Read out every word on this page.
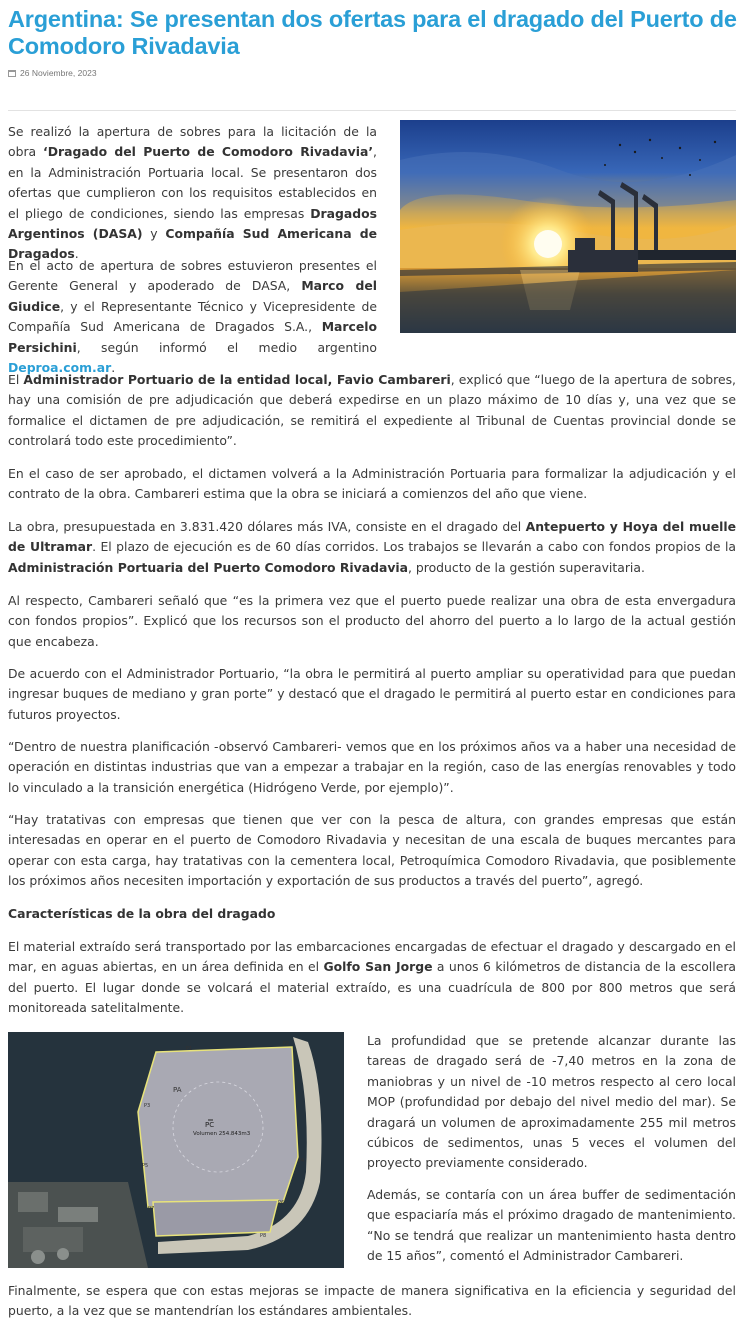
Argentina: Se presentan dos ofertas para el dragado del Puerto de Comodoro Rivadavia
26 Noviembre, 2023
PC
Volumen 254.843m3
PA
P1
P2
P3
P4
P5
P6
P7
P8

Se realizó la apertura de sobres para la licitación de la obra ‘Dragado del Puerto de Comodoro Rivadavia’, en la Administración Portuaria local. Se presentaron dos ofertas que cumplieron con los requisitos establecidos en el pliego de condiciones, siendo las empresas Dragados Argentinos (DASA) y Compañía Sud Americana de Dragados.

En el acto de apertura de sobres estuvieron presentes el Gerente General y apoderado de DASA, Marco del Giudice, y el Representante Técnico y Vicepresidente de Compañía Sud Americana de Dragados S.A., Marcelo Persichini, según informó el medio argentino Deproa.com.ar.

El Administrador Portuario de la entidad local, Favio Cambareri, explicó que “luego de la apertura de sobres, hay una comisión de pre adjudicación que deberá expedirse en un plazo máximo de 10 días y, una vez que se formalice el dictamen de pre adjudicación, se remitirá el expediente al Tribunal de Cuentas provincial donde se controlará todo este procedimiento”.

En el caso de ser aprobado, el dictamen volverá a la Administración Portuaria para formalizar la adjudicación y el contrato de la obra. Cambareri estima que la obra se iniciará a comienzos del año que viene.

La obra, presupuestada en 3.831.420 dólares más IVA, consiste en el dragado del Antepuerto y Hoya del muelle de Ultramar. El plazo de ejecución es de 60 días corridos. Los trabajos se llevarán a cabo con fondos propios de la Administración Portuaria del Puerto Comodoro Rivadavia, producto de la gestión superavitaria.

Al respecto, Cambareri señaló que “es la primera vez que el puerto puede realizar una obra de esta envergadura con fondos propios”. Explicó que los recursos son el producto del ahorro del puerto a lo largo de la actual gestión que encabeza.

De acuerdo con el Administrador Portuario, “la obra le permitirá al puerto ampliar su operatividad para que puedan ingresar buques de mediano y gran porte” y destacó que el dragado le permitirá al puerto estar en condiciones para futuros proyectos.

“Dentro de nuestra planificación -observó Cambareri- vemos que en los próximos años va a haber una necesidad de operación en distintas industrias que van a empezar a trabajar en la región, caso de las energías renovables y todo lo vinculado a la transición energética (Hidrógeno Verde, por ejemplo)”.

“Hay tratativas con empresas que tienen que ver con la pesca de altura, con grandes empresas que están interesadas en operar en el puerto de Comodoro Rivadavia y necesitan de una escala de buques mercantes para operar con esta carga, hay tratativas con la cementera local, Petroquímica Comodoro Rivadavia, que posiblemente los próximos años necesiten importación y exportación de sus productos a través del puerto”, agregó.

Características de la obra del dragado

El material extraído será transportado por las embarcaciones encargadas de efectuar el dragado y descargado en el mar, en aguas abiertas, en un área definida en el Golfo San Jorge a unos 6 kilómetros de distancia de la escollera del puerto. El lugar donde se volcará el material extraído, es una cuadrícula de 800 por 800 metros que será monitoreada satelitalmente.

La profundidad que se pretende alcanzar durante las tareas de dragado será de -7,40 metros en la zona de maniobras y un nivel de -10 metros respecto al cero local MOP (profundidad por debajo del nivel medio del mar). Se dragará un volumen de aproximadamente 255 mil metros cúbicos de sedimentos, unas 5 veces el volumen del proyecto previamente considerado.

Además, se contaría con un área buffer de sedimentación que espaciaría más el próximo dragado de mantenimiento. “No se tendrá que realizar un mantenimiento hasta dentro de 15 años”, comentó el Administrador Cambareri.

Finalmente, se espera que con estas mejoras se impacte de manera significativa en la eficiencia y seguridad del puerto, a la vez que se mantendrían los estándares ambientales.
